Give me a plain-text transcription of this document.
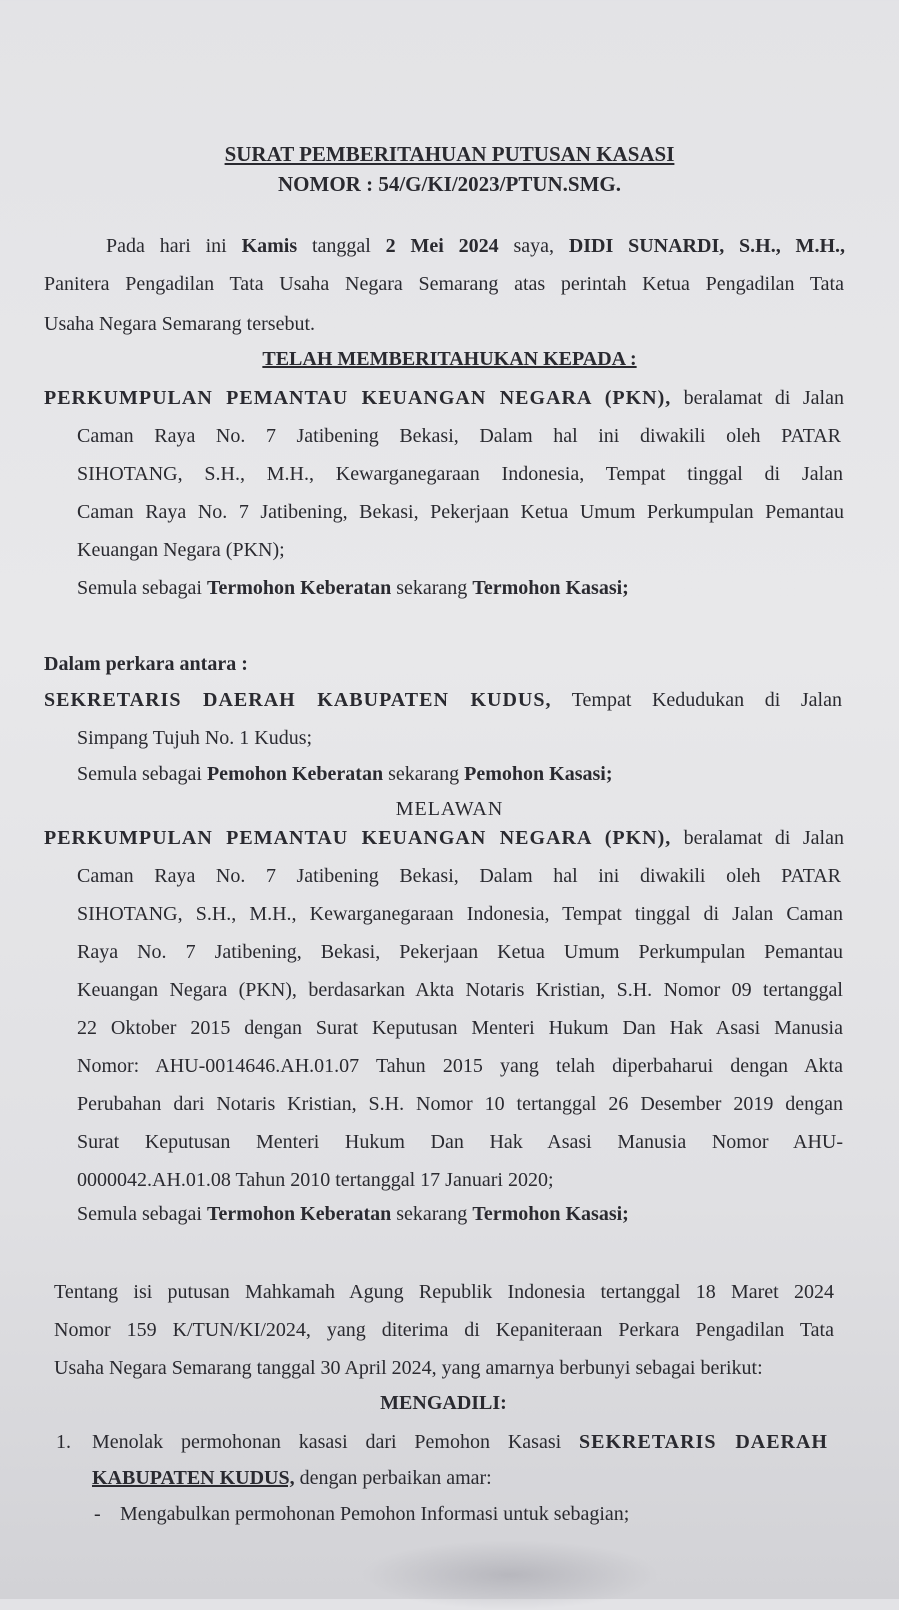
SURAT PEMBERITAHUAN PUTUSAN KASASI
NOMOR : 54/G/KI/2023/PTUN.SMG.
Pada hari ini Kamis tanggal 2 Mei 2024 saya, DIDI SUNARDI, S.H., M.H.,
Panitera Pengadilan Tata Usaha Negara Semarang atas perintah Ketua Pengadilan Tata
Usaha Negara Semarang tersebut.
TELAH MEMBERITAHUKAN KEPADA :
PERKUMPULAN PEMANTAU KEUANGAN NEGARA (PKN), beralamat di Jalan
Caman Raya No. 7 Jatibening Bekasi, Dalam hal ini diwakili oleh PATAR
SIHOTANG, S.H., M.H., Kewarganegaraan Indonesia, Tempat tinggal di Jalan
Caman Raya No. 7 Jatibening, Bekasi, Pekerjaan Ketua Umum Perkumpulan Pemantau
Keuangan Negara (PKN);
Semula sebagai Termohon Keberatan sekarang Termohon Kasasi;
Dalam perkara antara :
SEKRETARIS DAERAH KABUPATEN KUDUS, Tempat Kedudukan di Jalan
Simpang Tujuh No. 1 Kudus;
Semula sebagai Pemohon Keberatan sekarang Pemohon Kasasi;
MELAWAN
PERKUMPULAN PEMANTAU KEUANGAN NEGARA (PKN), beralamat di Jalan
Caman Raya No. 7 Jatibening Bekasi, Dalam hal ini diwakili oleh PATAR
SIHOTANG, S.H., M.H., Kewarganegaraan Indonesia, Tempat tinggal di Jalan Caman
Raya No. 7 Jatibening, Bekasi, Pekerjaan Ketua Umum Perkumpulan Pemantau
Keuangan Negara (PKN), berdasarkan Akta Notaris Kristian, S.H. Nomor 09 tertanggal
22 Oktober 2015 dengan Surat Keputusan Menteri Hukum Dan Hak Asasi Manusia
Nomor: AHU-0014646.AH.01.07 Tahun 2015 yang telah diperbaharui dengan Akta
Perubahan dari Notaris Kristian, S.H. Nomor 10 tertanggal 26 Desember 2019 dengan
Surat Keputusan Menteri Hukum Dan Hak Asasi Manusia Nomor AHU-
0000042.AH.01.08 Tahun 2010 tertanggal 17 Januari 2020;
Semula sebagai Termohon Keberatan sekarang Termohon Kasasi;
Tentang isi putusan Mahkamah Agung Republik Indonesia tertanggal 18 Maret 2024
Nomor 159 K/TUN/KI/2024, yang diterima di Kepaniteraan Perkara Pengadilan Tata
Usaha Negara Semarang tanggal 30 April 2024, yang amarnya berbunyi sebagai berikut:
MENGADILI:
1. Menolak permohonan kasasi dari Pemohon Kasasi SEKRETARIS DAERAH
KABUPATEN KUDUS, dengan perbaikan amar:
- Mengabulkan permohonan Pemohon Informasi untuk sebagian;
